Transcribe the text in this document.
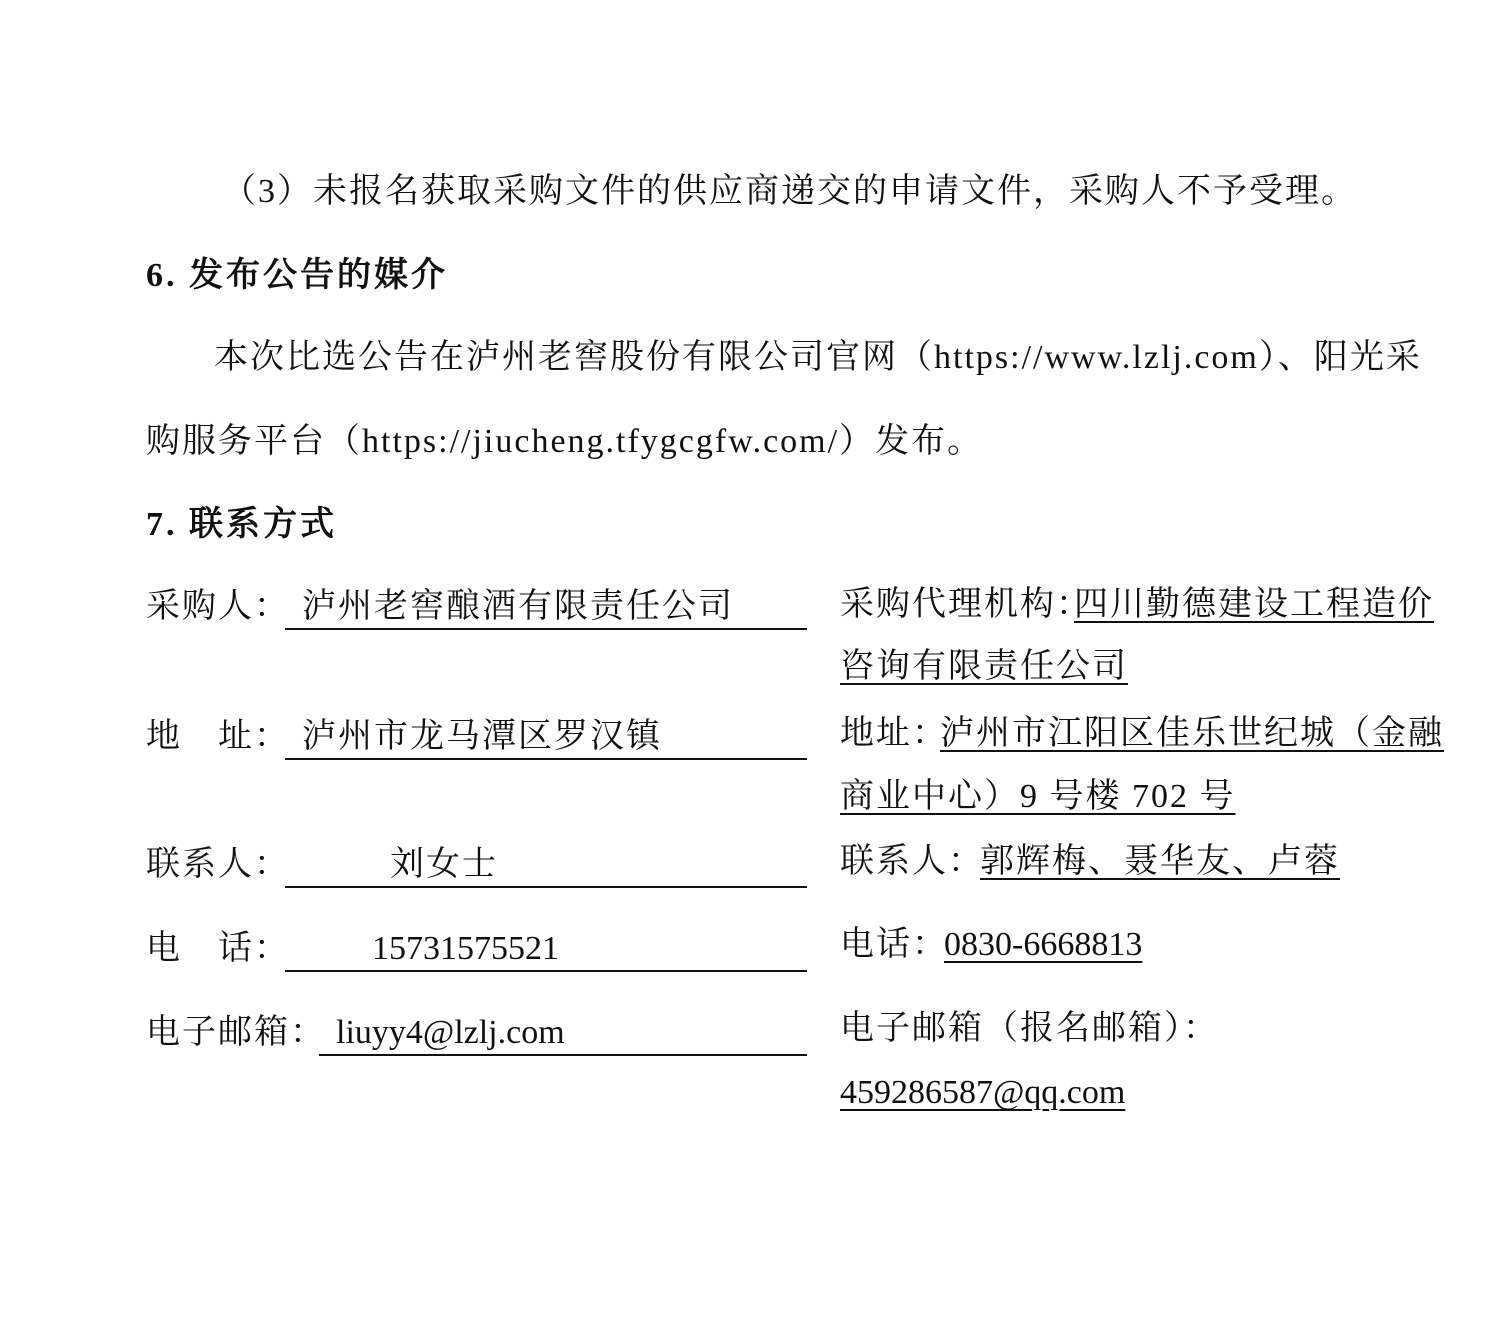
（3）未报名获取采购文件的供应商递交的申请文件，采购人不予受理。
6. 发布公告的媒介
本次比选公告在泸州老窖股份有限公司官网（https://www.lzlj.com）、阳光采
购服务平台（https://jiucheng.tfygcgfw.com/）发布。
7. 联系方式
采购人： 泸州老窖酿酒有限责任公司
地　址： 泸州市龙马潭区罗汉镇
联系人：	刘女士
电　话： 15731575521
电子邮箱： liuyy4@lzlj.com
采购代理机构：
四川勤德建设工程造价
咨询有限责任公司
地址：
泸州市江阳区佳乐世纪城（金融
商业中心）9 号楼 702 号
联系人：
郭辉梅、聂华友、卢蓉
电话：
0830-6668813
电子邮箱（报名邮箱）：
459286587@qq.com
